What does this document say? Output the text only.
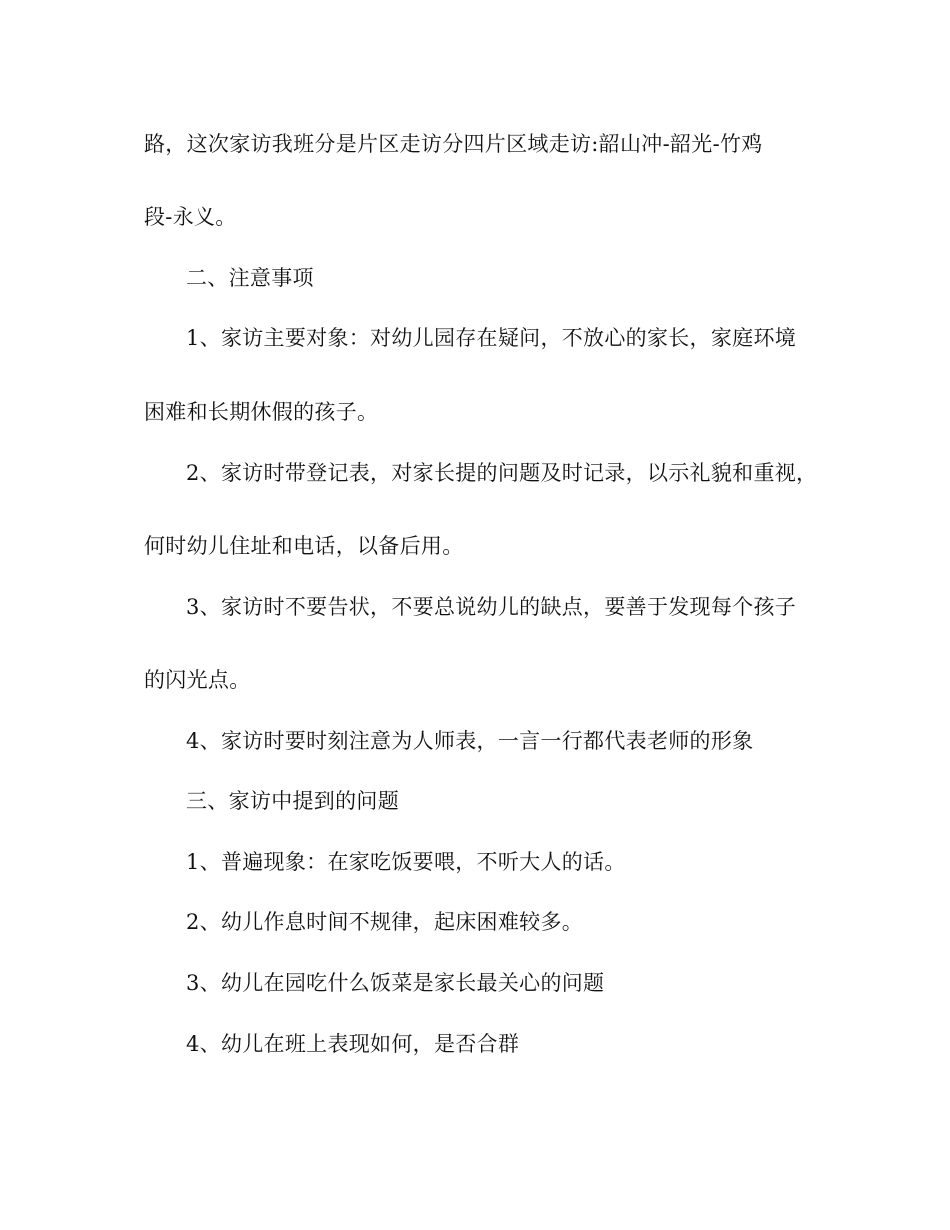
路，这次家访我班分是片区走访分四片区域走访:韶山冲-韶光-竹鸡
段-永义。
二、注意事项
1、家访主要对象：对幼儿园存在疑问，不放心的家长，家庭环境
困难和长期休假的孩子。
2、家访时带登记表，对家长提的问题及时记录，以示礼貌和重视，
何时幼儿住址和电话，以备后用。
3、家访时不要告状，不要总说幼儿的缺点，要善于发现每个孩子
的闪光点。
4、家访时要时刻注意为人师表，一言一行都代表老师的形象
三、家访中提到的问题
1、普遍现象：在家吃饭要喂，不听大人的话。
2、幼儿作息时间不规律，起床困难较多。
3、幼儿在园吃什么饭菜是家长最关心的问题
4、幼儿在班上表现如何，是否合群
